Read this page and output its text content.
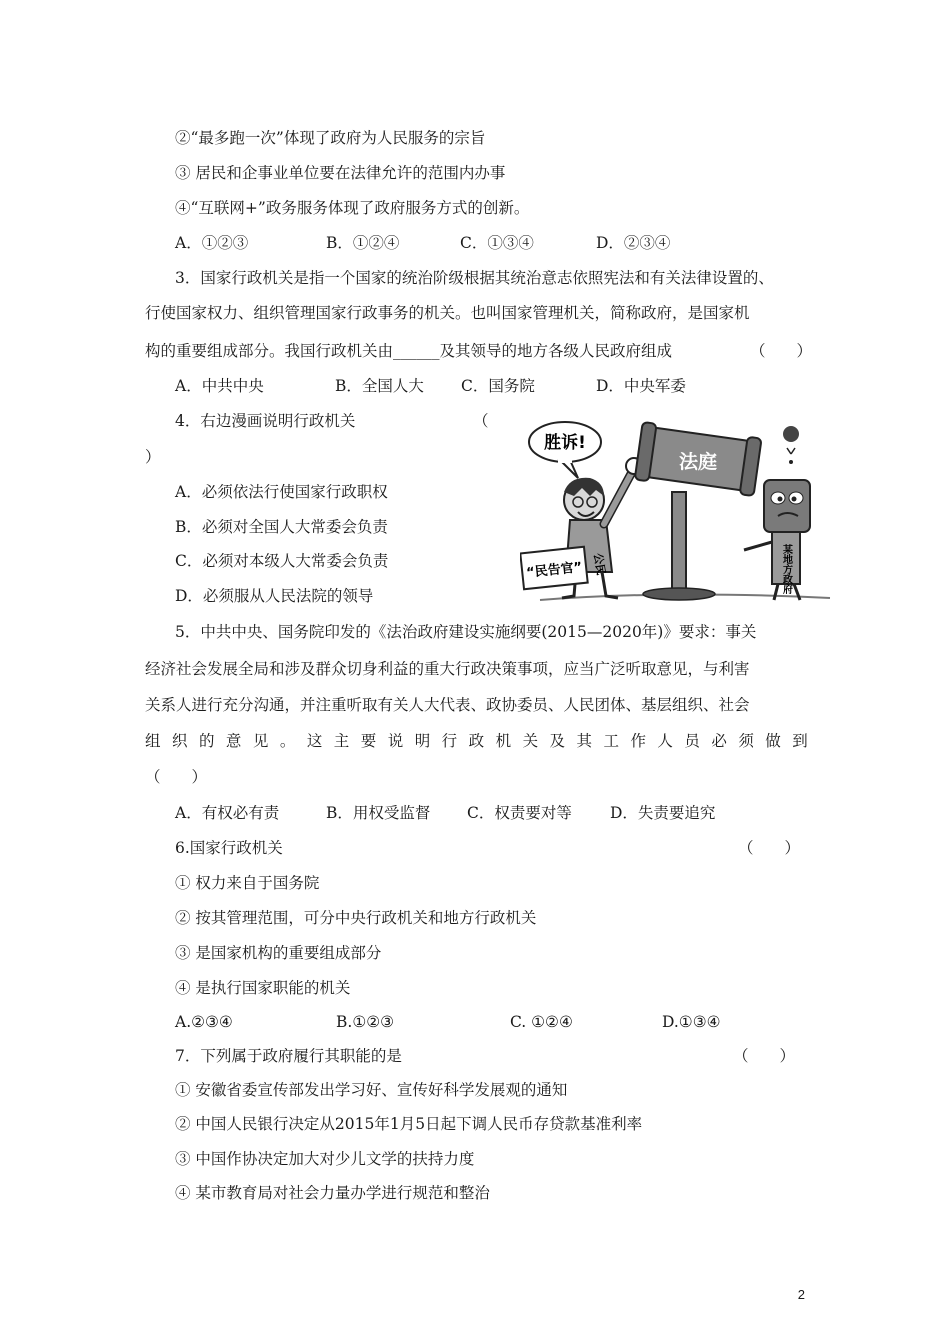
②“最多跑一次”体现了政府为人民服务的宗旨
③ 居民和企事业单位要在法律允许的范围内办事
④“互联网+”政务服务体现了政府服务方式的创新。
A．①②③	B．①②④	C．①③④	D．②③④
3．国家行政机关是指一个国家的统治阶级根据其统治意志依照宪法和有关法律设置的、
行使国家权力、组织管理国家行政事务的机关。也叫国家管理机关，简称政府，是国家机
构的重要组成部分。我国行政机关由______及其领导的地方各级人民政府组成	（　　）
A．中共中央	B．全国人大 C．国务院	D．中央军委
4．右边漫画说明行政机关	（
）
A．必须依法行使国家行政职权
B．必须对全国人大常委会负责
C．必须对本级人大常委会负责
D．必须服从人民法院的领导
胜诉!
公民
“民告官”
法庭
某地方政府
5．中共中央、国务院印发的《法治政府建设实施纲要(2015—2020年)》要求：事关
经济社会发展全局和涉及群众切身利益的重大行政决策事项，应当广泛听取意见，与利害
关系人进行充分沟通，并注重听取有关人大代表、政协委员、人民团体、基层组织、社会
组 织 的 意 见 。 这 主 要 说 明 行 政 机 关 及 其 工 作 人 员 必 须 做 到
（　　）
A．有权必有责	B．用权受监督 C．权责要对等 D．失责要追究
6.国家行政机关	（　　）
① 权力来自于国务院
② 按其管理范围，可分中央行政机关和地方行政机关
③ 是国家机构的重要组成部分
④ 是执行国家职能的机关
A.②③④	B.①②③	C. ①②④	D.①③④
7．下列属于政府履行其职能的是	（　　）
① 安徽省委宣传部发出学习好、宣传好科学发展观的通知
② 中国人民银行决定从2015年1月5日起下调人民币存贷款基准利率
③ 中国作协决定加大对少儿文学的扶持力度
④ 某市教育局对社会力量办学进行规范和整治
2
